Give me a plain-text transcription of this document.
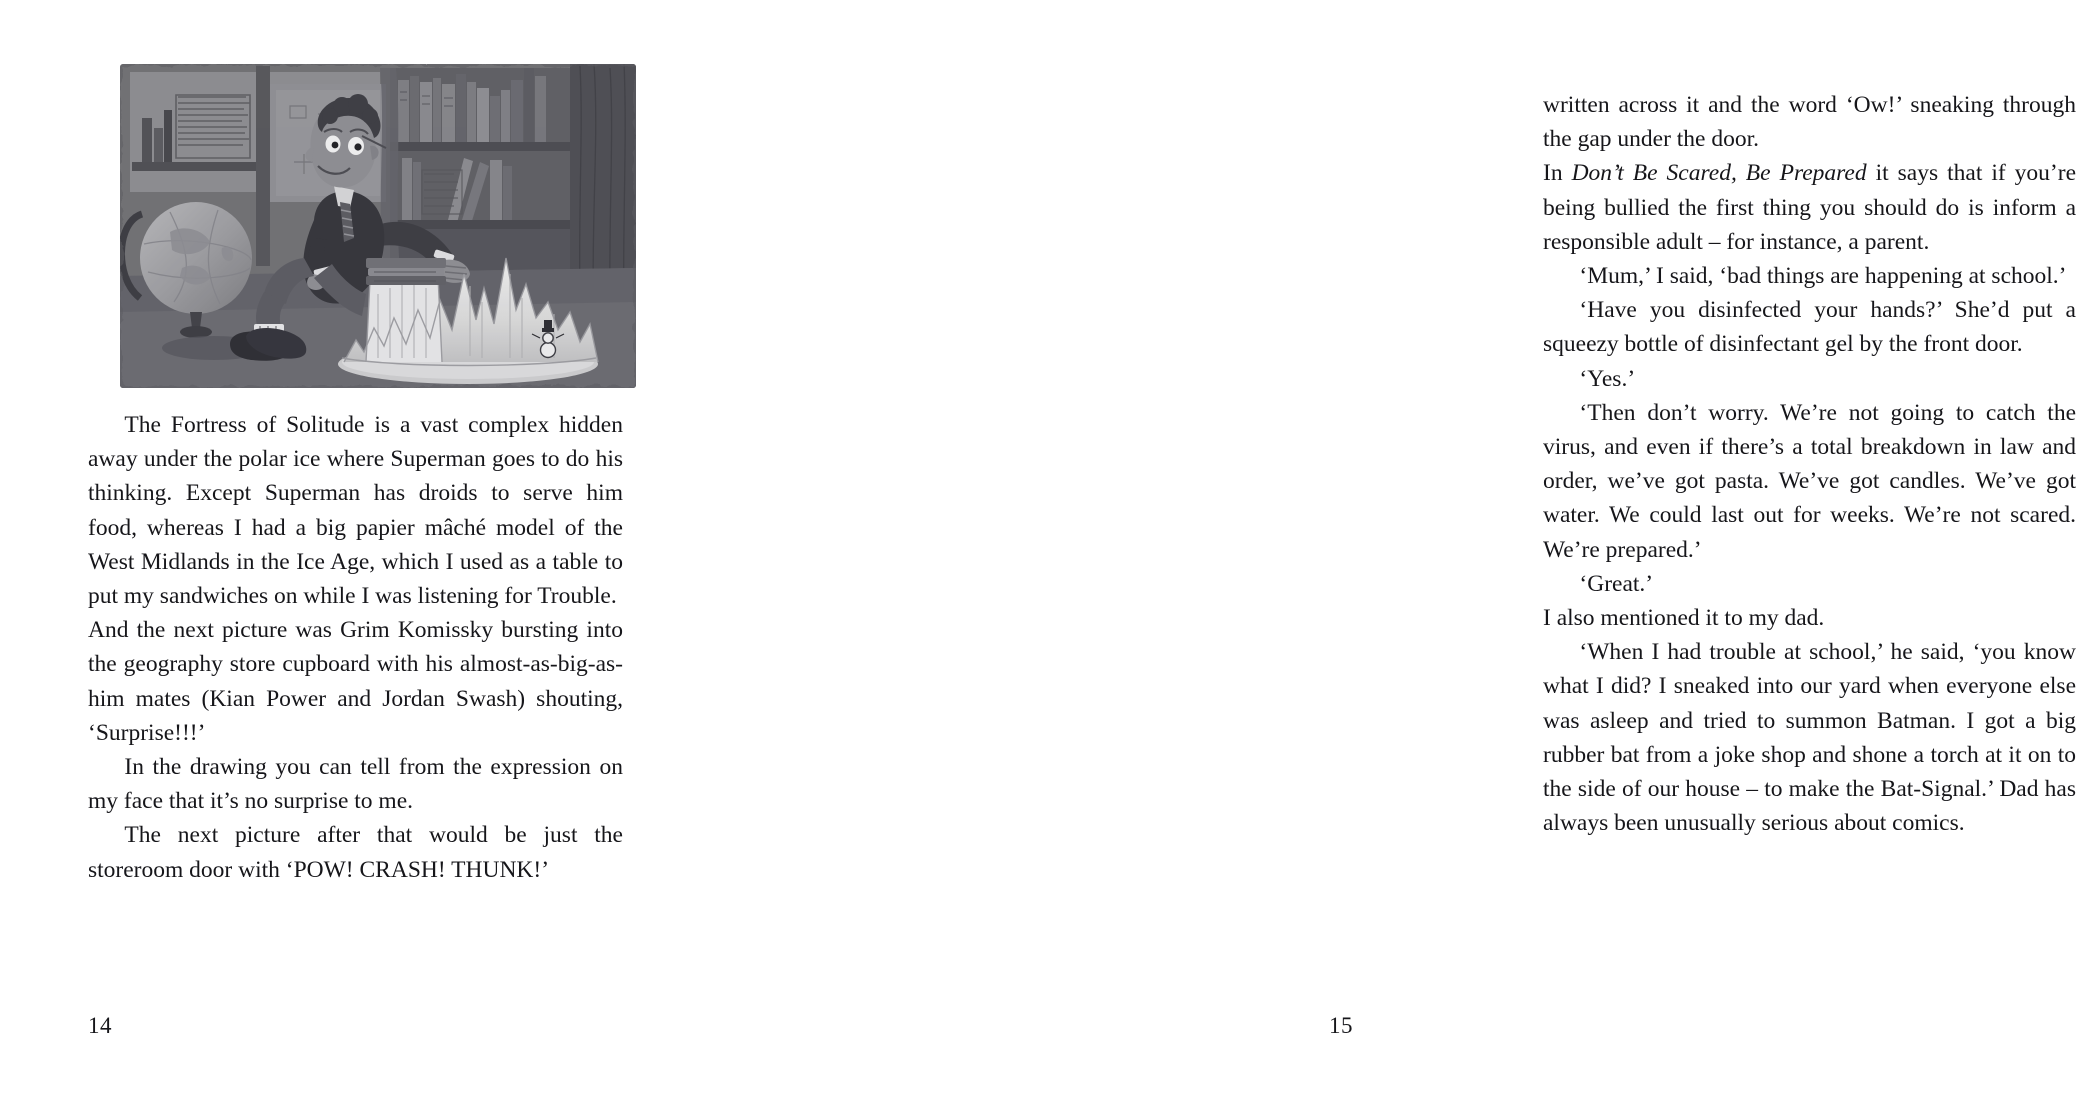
The Fortress of Solitude is a vast complex hidden away under the polar ice where Superman goes to do his thinking. Except Superman has droids to serve him food, whereas I had a big papier mâché model of the West Midlands in the Ice Age, which I used as a table to put my sandwiches on while I was listening for Trouble.

And the next picture was Grim Komissky bursting into the geography store cupboard with his almost-as-big-as-him mates (Kian Power and Jordan Swash) shouting, ‘Surprise!!!’

In the drawing you can tell from the expression on my face that it’s no surprise to me.

The next picture after that would be just the storeroom door with ‘POW! CRASH! THUNK!’

14

written across it and the word ‘Ow!’ sneaking through the gap under the door.

In Don’t Be Scared, Be Prepared it says that if you’re being bullied the first thing you should do is inform a responsible adult – for instance, a parent.

‘Mum,’ I said, ‘bad things are happening at school.’

‘Have you disinfected your hands?’ She’d put a squeezy bottle of disinfectant gel by the front door.

‘Yes.’

‘Then don’t worry. We’re not going to catch the virus, and even if there’s a total breakdown in law and order, we’ve got pasta. We’ve got candles. We’ve got water. We could last out for weeks. We’re not scared. We’re prepared.’

‘Great.’

I also mentioned it to my dad.

‘When I had trouble at school,’ he said, ‘you know what I did? I sneaked into our yard when everyone else was asleep and tried to summon Batman. I got a big rubber bat from a joke shop and shone a torch at it on to the side of our house – to make the Bat-Signal.’ Dad has always been unusually serious about comics.

15
